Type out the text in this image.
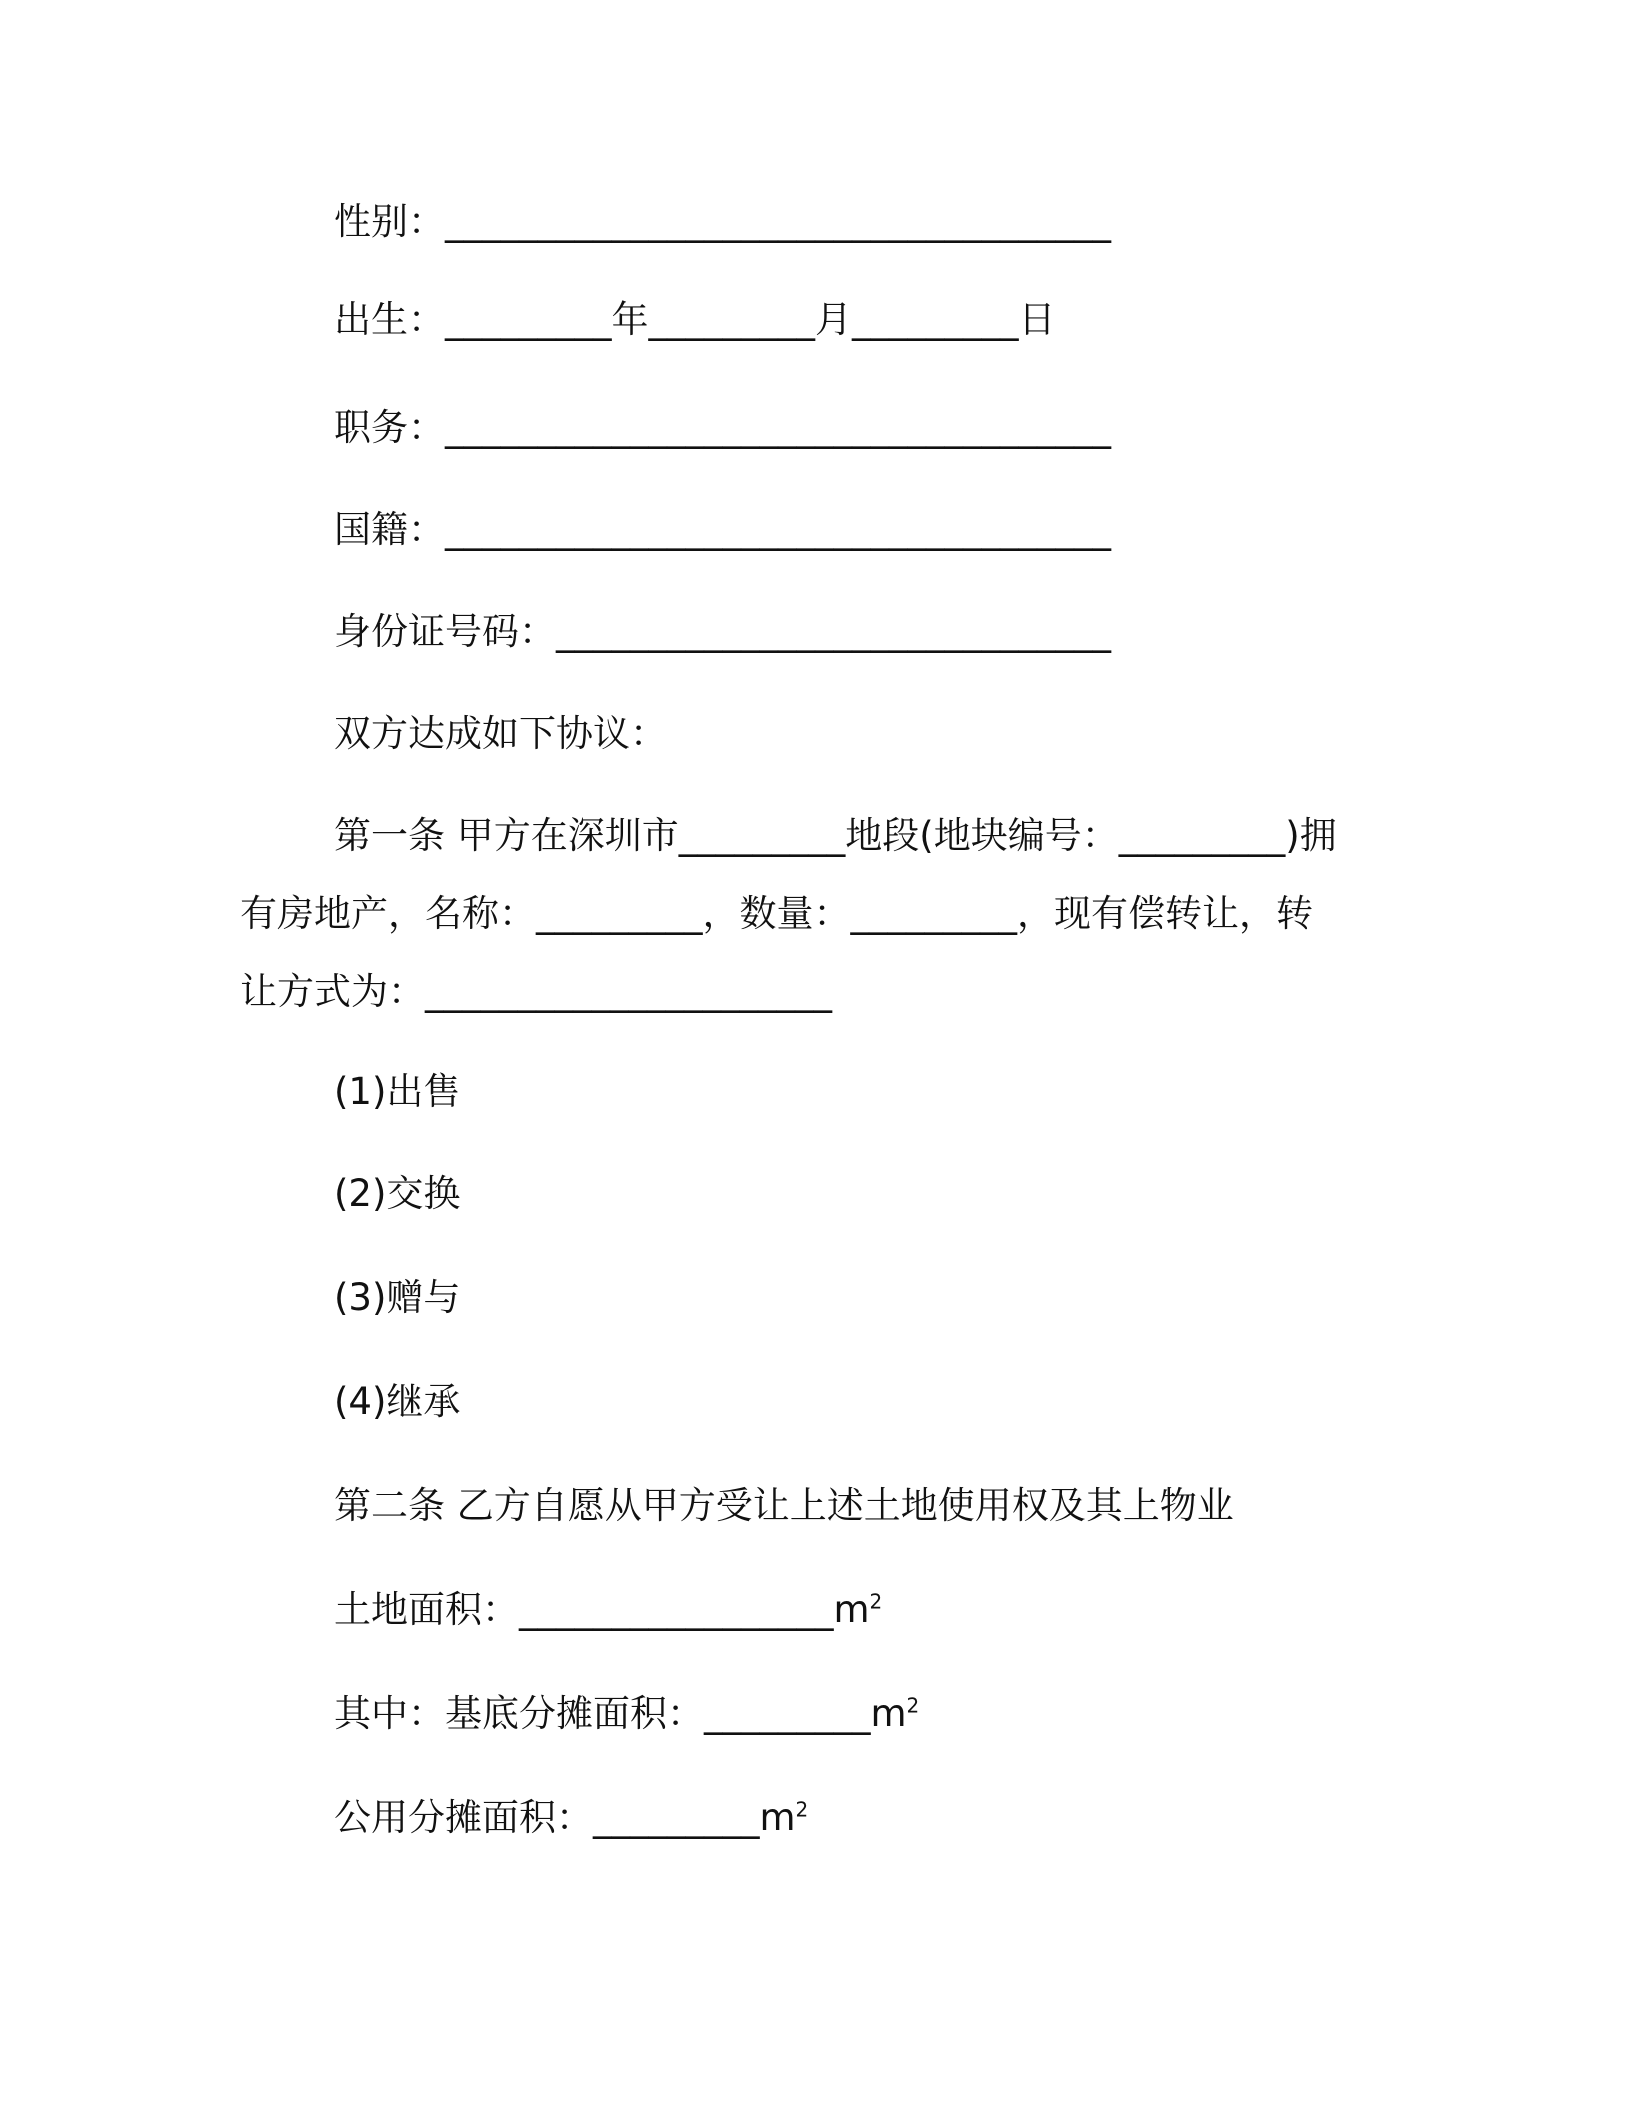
性别：____________________________________
出生：_________年_________月_________日
职务：____________________________________
国籍：____________________________________
身份证号码：______________________________
双方达成如下协议：
第一条 甲方在深圳市_________地段(地块编号：_________)拥
有房地产，名称：_________，数量：_________，现有偿转让，转
让方式为：______________________
(1)出售
(2)交换
(3)赠与
(4)继承
第二条 乙方自愿从甲方受让上述土地使用权及其上物业
土地面积：$\_\_\_\_\_\_\_\_\_\_\_\_\_\_\_\_\_m^2$
其中：基底分摊面积：$\_\_\_\_\_\_\_\_\_m^2$
公用分摊面积：$\_\_\_\_\_\_\_\_\_m^2$
